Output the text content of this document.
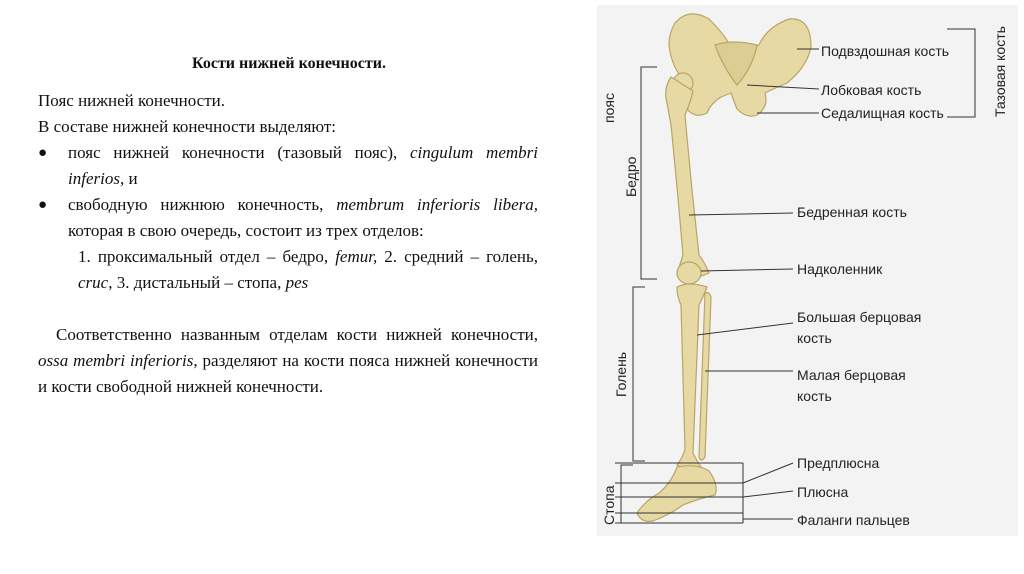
Кости нижней конечности.

Пояс нижней конечности.

В составе нижней конечности выделяют:

● пояс нижней конечности (тазовый пояс), cingulum membri inferios, и

● свободную нижнюю конечность, membrum inferioris libera, которая в свою очередь, состоит из трех отделов:

1. проксимальный отдел – бедро, femur, 2. средний – голень, cruc, 3. дистальный – стопа, pes

Соответственно названным отделам кости нижней конечности, ossa membri inferioris, разделяют на кости пояса нижней конечности и кости свободной нижней конечности.

Подвздошная кость
Лобковая кость
Седалищная кость
Бедренная кость
Надколенник
Большая берцовая кость
Малая берцовая кость
Предплюсна
Плюсна
Фаланги пальцев
Тазовая кость
пояс
Бедро
Голень
Стопа
